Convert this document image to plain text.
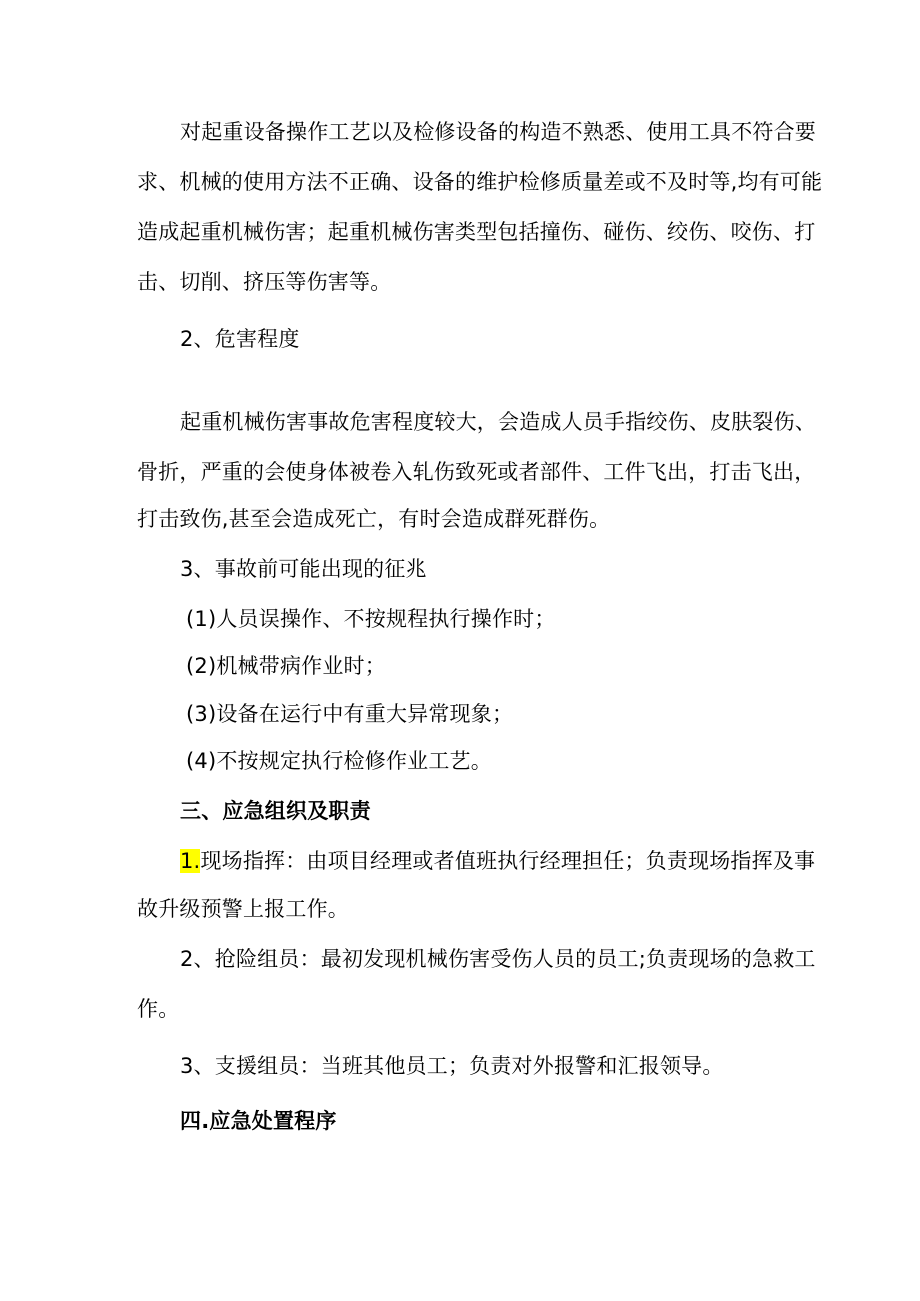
对起重设备操作工艺以及检修设备的构造不熟悉、使用工具不符合要
求、机械的使用方法不正确、设备的维护检修质量差或不及时等,均有可能
造成起重机械伤害；起重机械伤害类型包括撞伤、碰伤、绞伤、咬伤、打
击、切削、挤压等伤害等。
2、危害程度
起重机械伤害事故危害程度较大，会造成人员手指绞伤、皮肤裂伤、
骨折，严重的会使身体被卷入轧伤致死或者部件、工件飞出，打击飞出，
打击致伤,甚至会造成死亡，有时会造成群死群伤。
3、事故前可能出现的征兆
(1)人员误操作、不按规程执行操作时；
(2)机械带病作业时；
(3)设备在运行中有重大异常现象；
(4)不按规定执行检修作业工艺。
三、应急组织及职责
1.现场指挥：由项目经理或者值班执行经理担任；负责现场指挥及事
故升级预警上报工作。
2、抢险组员：最初发现机械伤害受伤人员的员工;负责现场的急救工
作。
3、支援组员：当班其他员工；负责对外报警和汇报领导。
四.应急处置程序
